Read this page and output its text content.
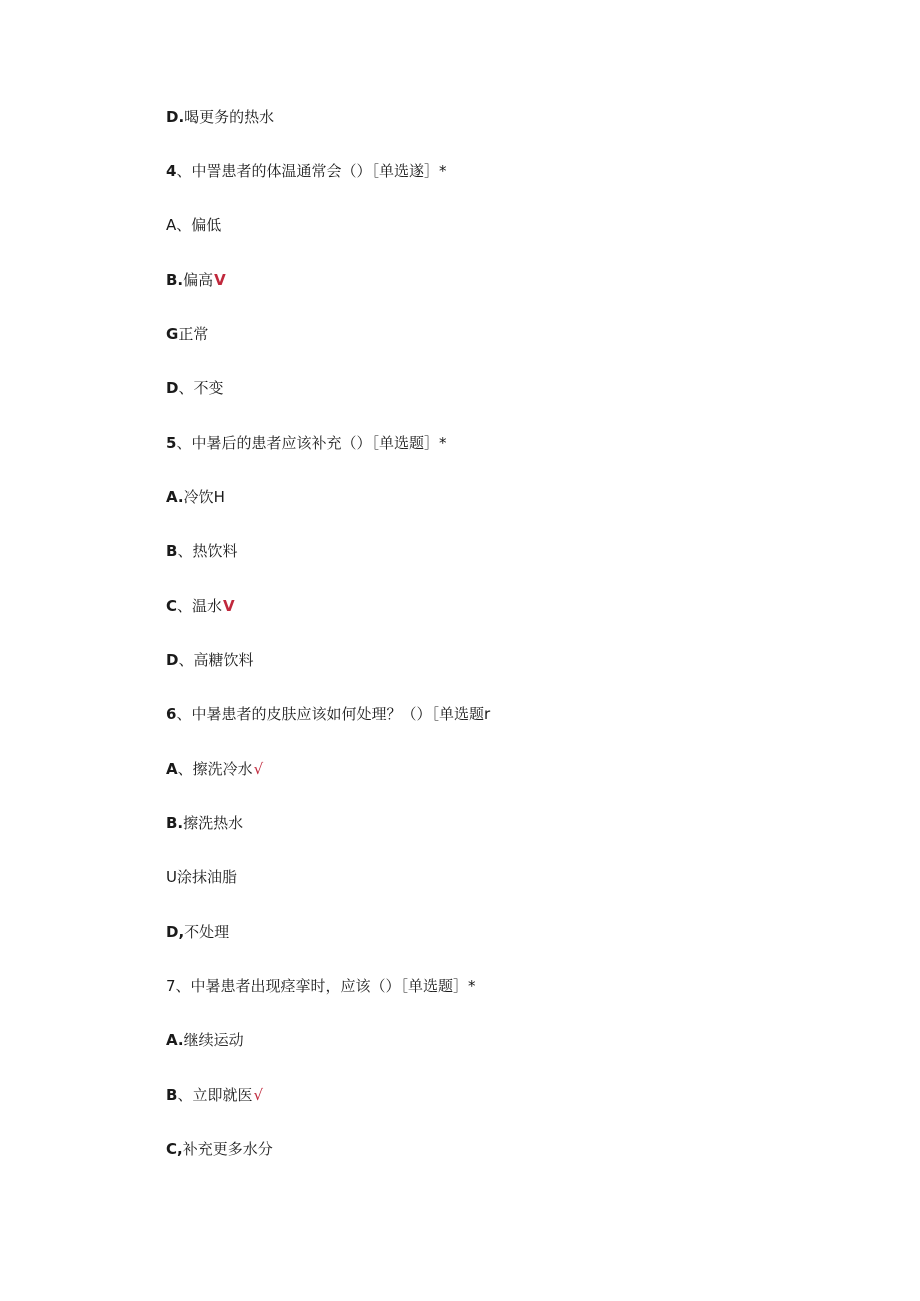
D.喝更务的热水
4、中詈患者的体温通常会（）［单选遂］*
A、偏低
B.偏高V
G正常
D、不变
5、中暑后的患者应该补充（）［单选题］*
A.冷饮H
B、热饮料
C、温水V
D、高糖饮料
6、中暑患者的皮肤应该如何处理？（）［单选题r
A、擦洗冷水√
B.擦洗热水
U涂抹油脂
D,不处理
7、中暑患者出现痉挛时，应该（）［单选题］*
A.继续运动
B、立即就医√
C,补充更多水分
